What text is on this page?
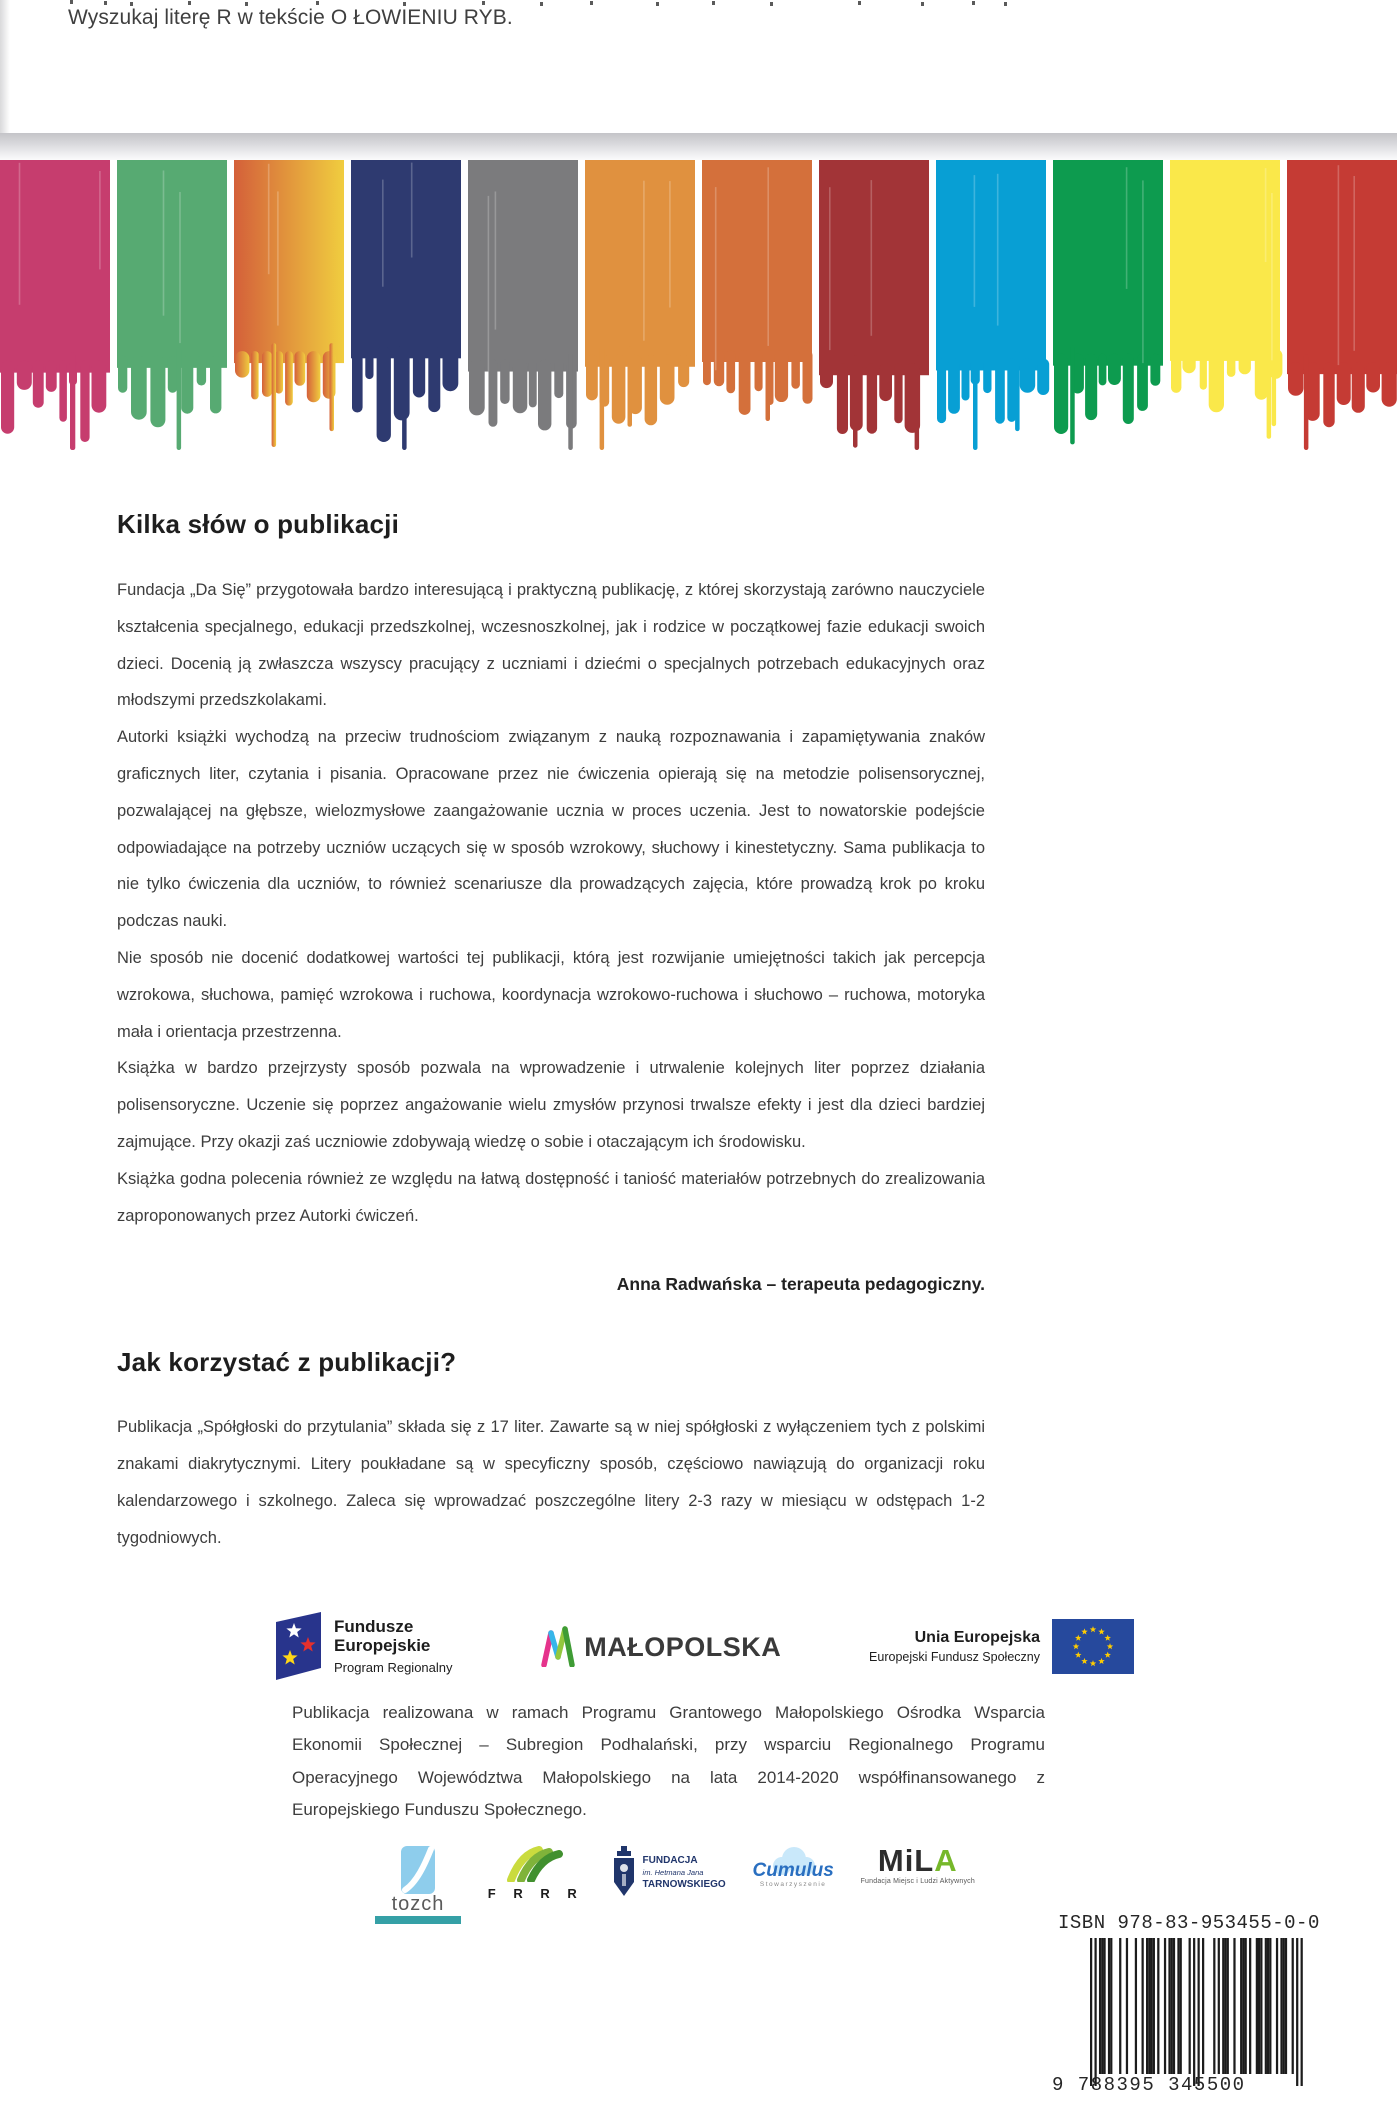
Wyszukaj literę R w tekście O ŁOWIENIU RYB.
Kilka słów o publikacji

Fundacja „Da Się” przygotowała bardzo interesującą i praktyczną publikację, z której skorzystają zarówno nauczyciele kształcenia specjalnego, edukacji przedszkolnej, wczesnoszkolnej, jak i rodzice w początkowej fazie edukacji swoich dzieci. Docenią ją zwłaszcza wszyscy pracujący z uczniami i dziećmi o specjalnych potrzebach edukacyjnych oraz młodszymi przedszkolakami.

Autorki książki wychodzą na przeciw trudnościom związanym z nauką rozpoznawania i zapamiętywania znaków graficznych liter, czytania i pisania. Opracowane przez nie ćwiczenia opierają się na metodzie polisensorycznej, pozwalającej na głębsze, wielozmysłowe zaangażowanie ucznia w proces uczenia. Jest to nowatorskie podejście odpowiadające na potrzeby uczniów uczących się w sposób wzrokowy, słuchowy i kinestetyczny. Sama publikacja to nie tylko ćwiczenia dla uczniów, to również scenariusze dla prowadzących zajęcia, które prowadzą krok po kroku podczas nauki.

Nie sposób nie docenić dodatkowej wartości tej publikacji, którą jest rozwijanie umiejętności takich jak percepcja wzrokowa, słuchowa, pamięć wzrokowa i ruchowa, koordynacja wzrokowo-ruchowa i słuchowo – ruchowa, motoryka mała i orientacja przestrzenna.

Książka w bardzo przejrzysty sposób pozwala na wprowadzenie i utrwalenie kolejnych liter poprzez działania polisensoryczne. Uczenie się poprzez angażowanie wielu zmysłów przynosi trwalsze efekty i jest dla dzieci bardziej zajmujące. Przy okazji zaś uczniowie zdobywają wiedzę o sobie i otaczającym ich środowisku.

Książka godna polecenia również ze względu na łatwą dostępność i taniość materiałów potrzebnych do zrealizowania zaproponowanych przez Autorki ćwiczeń.

Anna Radwańska – terapeuta pedagogiczny.

Jak korzystać z publikacji?

Publikacja „Spółgłoski do przytulania” składa się z 17 liter. Zawarte są w niej spółgłoski z wyłączeniem tych z polskimi znakami diakrytycznymi. Litery poukładane są w specyficzny sposób, częściowo nawiązują do organizacji roku kalendarzowego i szkolnego. Zaleca się wprowadzać poszczególne litery 2-3 razy w miesiącu w odstępach 1-2 tygodniowych.

Fundusze
Europejskie
Program Regionalny
MAŁOPOLSKA	Unia Europejska
Europejski Fundusz Społeczny

Publikacja realizowana w ramach Programu Grantowego Małopolskiego Ośrodka Wsparcia Ekonomii Społecznej – Subregion Podhalański, przy wsparciu Regionalnego Programu Operacyjnego Województwa Małopolskiego na lata 2014-2020 współfinansowanego z Europejskiego Funduszu Społecznego.

tozch	F R R R
FUNDACJA
im. Hetmana Jana
TARNOWSKIEGO
Cumulus
Stowarzyszenie
MiLA
Fundacja Miejsc i Ludzi Aktywnych
ISBN 978-83-953455-0-0
9 788395 345500
